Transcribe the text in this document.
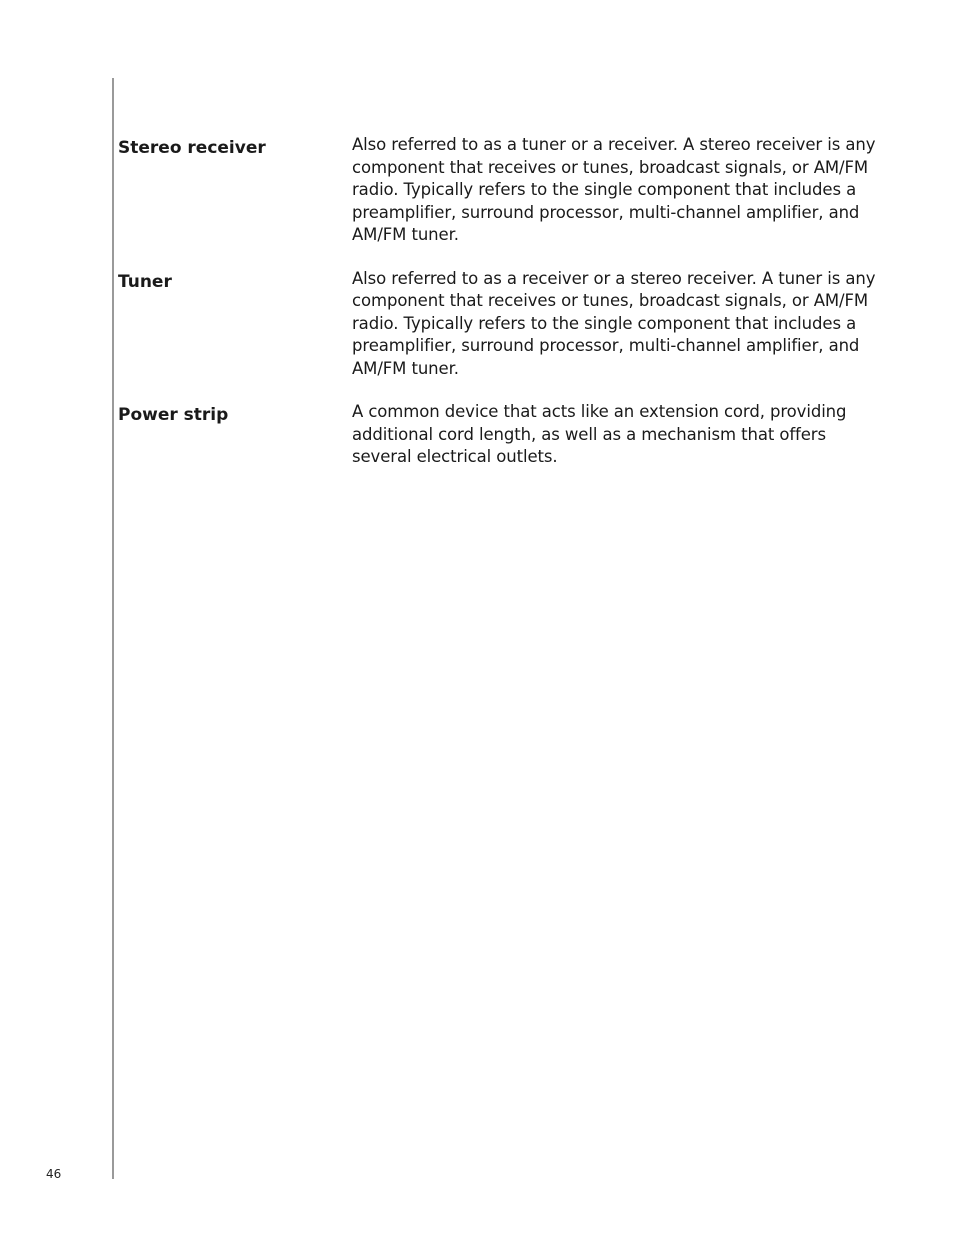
Stereo receiver	Also referred to as a tuner or a receiver. A stereo receiver is any component that receives or tunes, broadcast signals, or AM/FM radio. Typically refers to the single component that includes a preamplifier, surround processor, multi-channel amplifier, and AM/FM tuner.
Tuner	Also referred to as a receiver or a stereo receiver. A tuner is any component that receives or tunes, broadcast signals, or AM/FM radio. Typically refers to the single component that includes a preamplifier, surround processor, multi-channel amplifier, and AM/FM tuner.
Power strip	A common device that acts like an extension cord, providing additional cord length, as well as a mechanism that offers several electrical outlets.
46
